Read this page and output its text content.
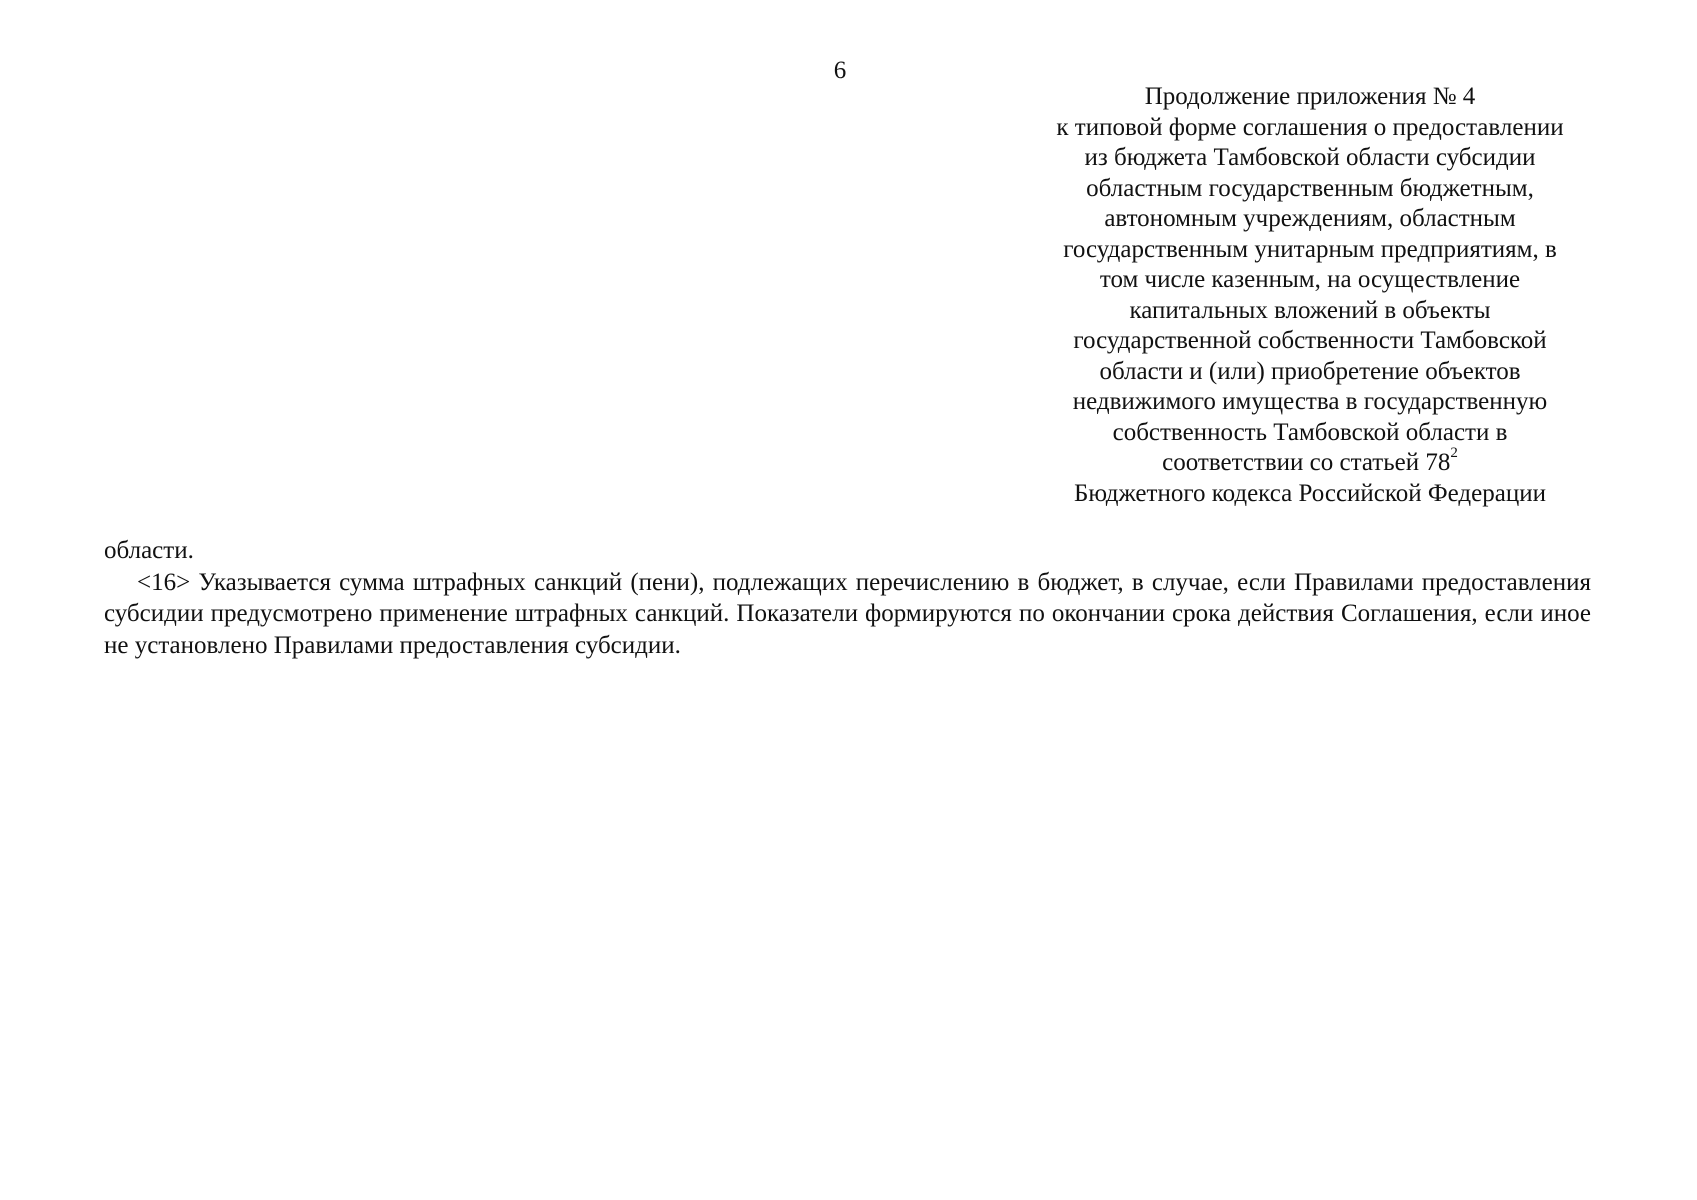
6
Продолжение приложения № 4
к типовой форме соглашения о предоставлении
из бюджета Тамбовской области субсидии
областным государственным бюджетным,
автономным учреждениям, областным
государственным унитарным предприятиям, в
том числе казенным, на осуществление
капитальных вложений в объекты
государственной собственности Тамбовской
области и (или) приобретение объектов
недвижимого имущества в государственную
собственность Тамбовской области в
соответствии со статьей $78^2$
Бюджетного кодекса Российской Федерации

области.

<16> Указывается сумма штрафных санкций (пени), подлежащих перечислению в бюджет, в случае, если Правилами предоставления субсидии предусмотрено применение штрафных санкций. Показатели формируются по окончании срока действия Соглашения, если иное не установлено Правилами предоставления субсидии.
